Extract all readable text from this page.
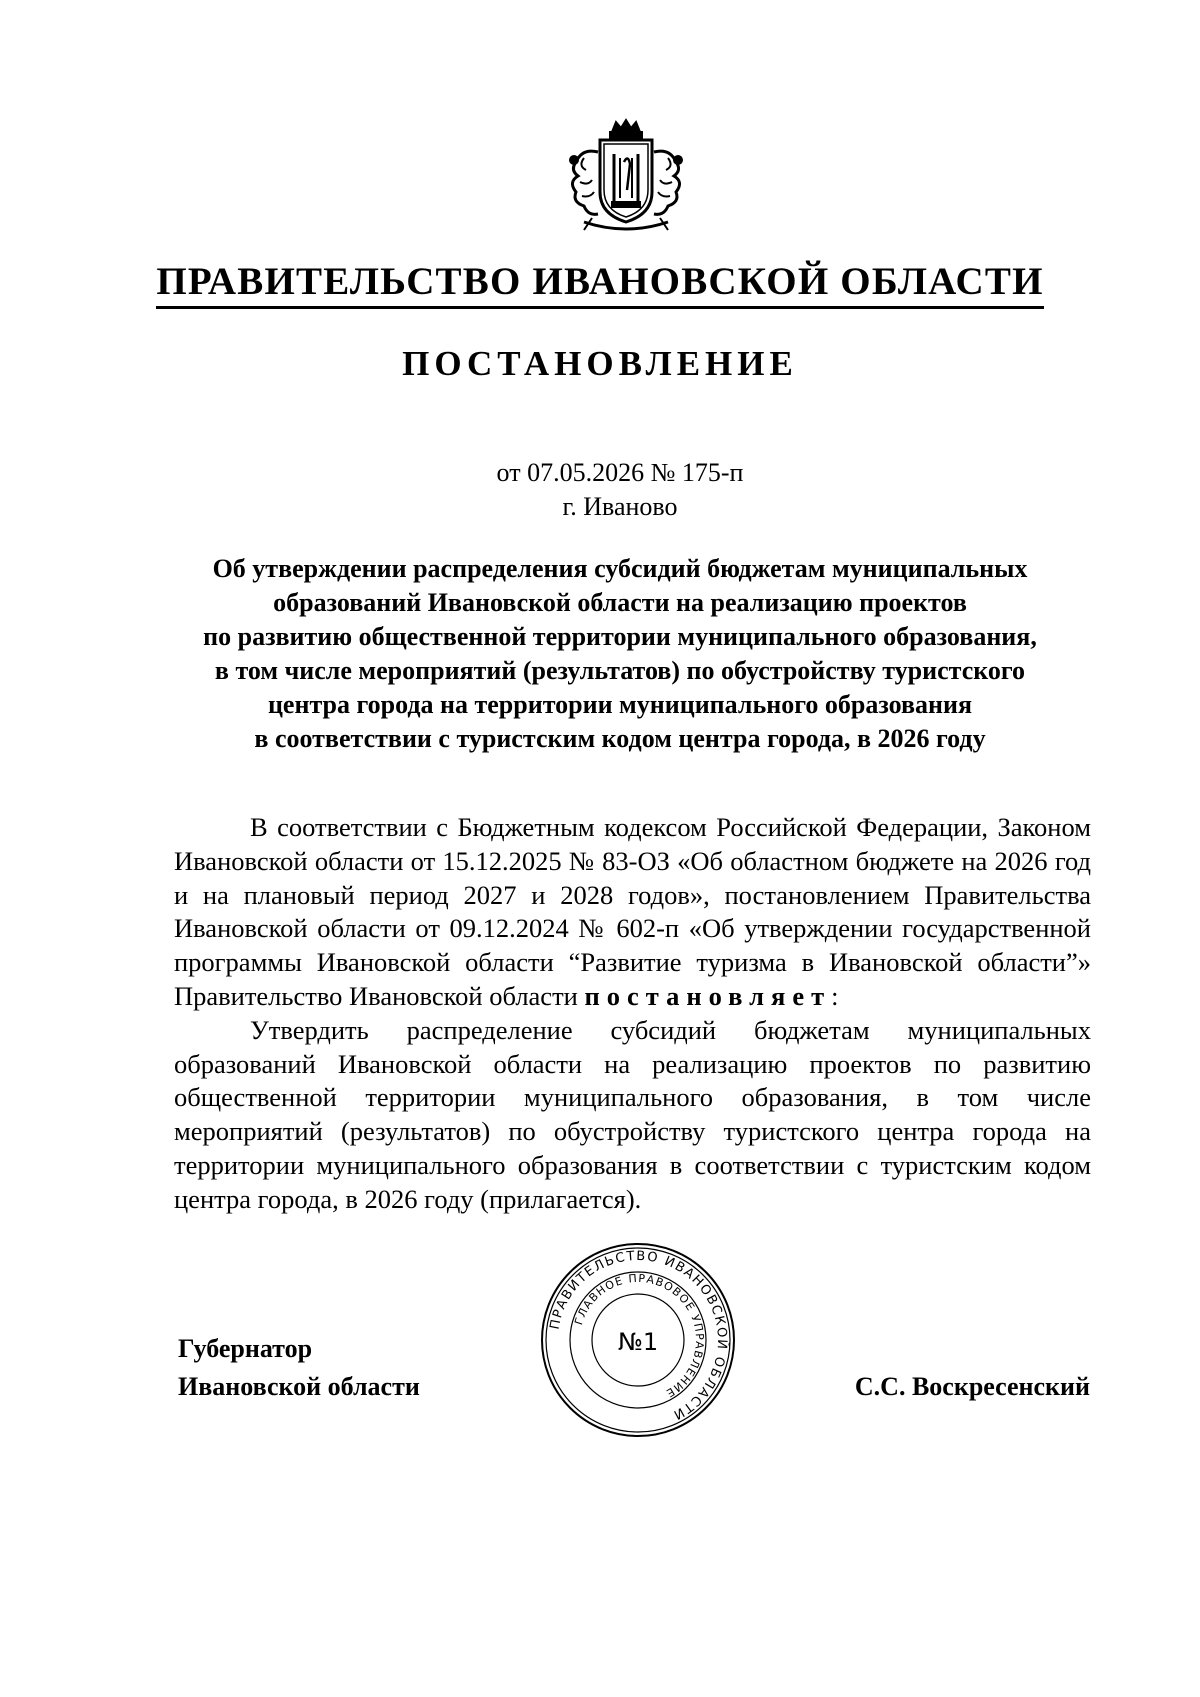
ПРАВИТЕЛЬСТВО ИВАНОВСКОЙ ОБЛАСТИ
ПОСТАНОВЛЕНИЕ
от 07.05.2026 № 175-п
г. Иваново
Об утверждении распределения субсидий бюджетам муниципальных
образований Ивановской области на реализацию проектов
по развитию общественной территории муниципального образования,
в том числе мероприятий (результатов) по обустройству туристского
центра города на территории муниципального образования
в соответствии с туристским кодом центра города, в 2026 году

В соответствии с Бюджетным кодексом Российской Федерации, Законом Ивановской области от 15.12.2025 № 83-ОЗ «Об областном бюджете на 2026 год и на плановый период 2027 и 2028 годов», постановлением Правительства Ивановской области от 09.12.2024 № 602-п «Об утверждении государственной программы Ивановской области “Развитие туризма в Ивановской области”» Правительство Ивановской области постановляет:

Утвердить распределение субсидий бюджетам муниципальных образований Ивановской области на реализацию проектов по развитию общественной территории муниципального образования, в том числе мероприятий (результатов) по обустройству туристского центра города на территории муниципального образования в соответствии с туристским кодом центра города, в 2026 году (прилагается).

Губернатор
Ивановской области	С.С. Воскресенский
ПРАВИТЕЛЬСТВО ИВАНОВСКОЙ ОБЛАСТИ
ГЛАВНОЕ ПРАВОВОЕ УПРАВЛЕНИЕ
№1
